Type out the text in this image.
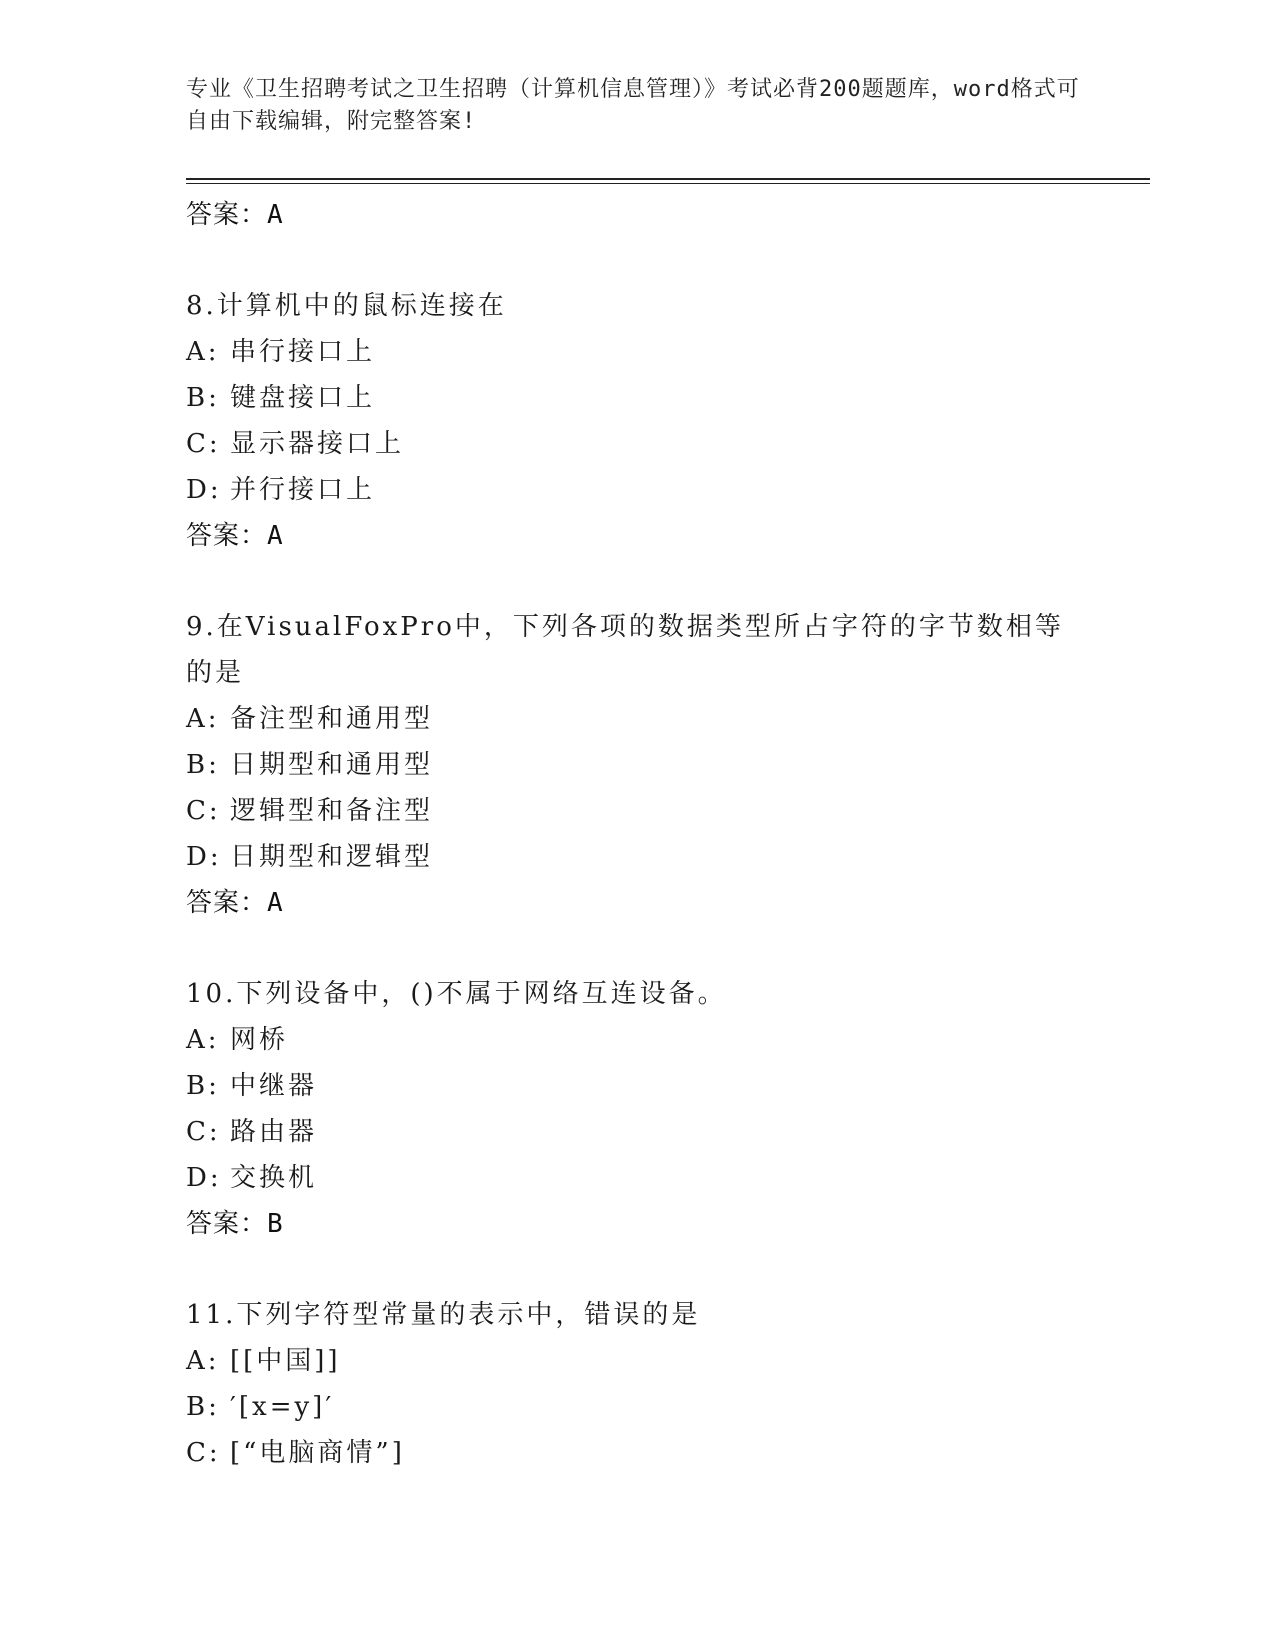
专业《卫生招聘考试之卫生招聘（计算机信息管理）》考试必背200题题库，word格式可自由下载编辑，附完整答案!
答案：A
8.计算机中的鼠标连接在
A: 串行接口上
B: 键盘接口上
C: 显示器接口上
D: 并行接口上
答案：A
9.在VisualFoxPro中，下列各项的数据类型所占字符的字节数相等的是
A: 备注型和通用型
B: 日期型和通用型
C: 逻辑型和备注型
D: 日期型和逻辑型
答案：A
10.下列设备中，()不属于网络互连设备。
A: 网桥
B: 中继器
C: 路由器
D: 交换机
答案：B
11.下列字符型常量的表示中，错误的是
A: [[中国]]
B: ′[x=y]′
C: [“电脑商情”]
